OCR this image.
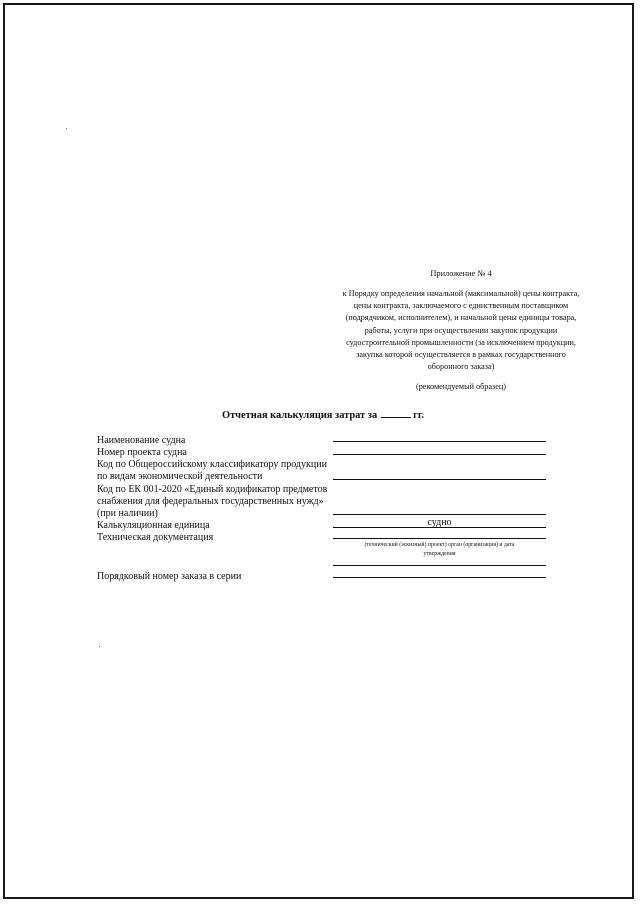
Приложение № 4
к Порядку определения начальной (максимальной) цены контракта,
цены контракта, заключаемого с единственным поставщиком
(подрядчиком, исполнителем), и начальной цены единицы товара,
работы, услуги при осуществлении закупок продукции
судостроительной промышленности (за исключением продукции,
закупка которой осуществляется в рамках государственного
оборонного заказа)
(рекомендуемый образец)
Отчетная калькуляция затрат за	гг.
Наименование судна
Номер проекта судна
Код по Общероссийскому классификатору продукции
по видам экономической деятельности
Код по ЕК 001-2020 «Единый кодификатор предметов
снабжения для федеральных государственных нужд»
(при наличии)
Калькуляционная единица	судно
Техническая документация
(технический (эскизный) проект) орган (организация) и дата
утверждения
Порядковый номер заказа в серии
